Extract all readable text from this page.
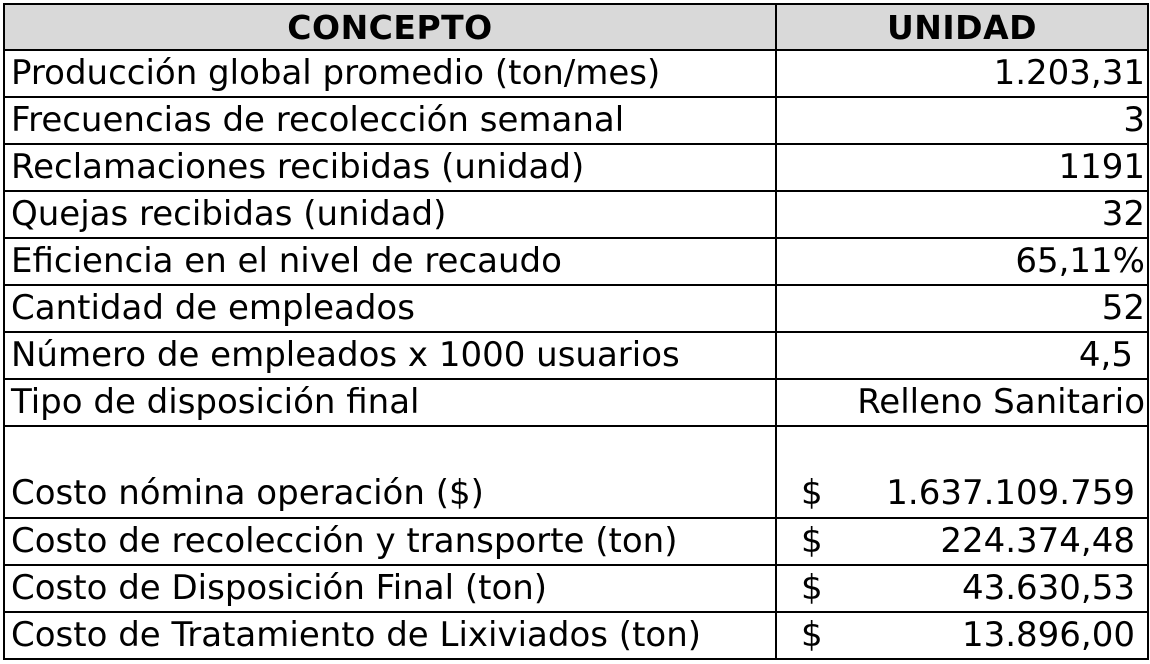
CONCEPTO	UNIDAD
Producción global promedio (ton/mes)	1.203,31
Frecuencias de recolección semanal	3
Reclamaciones recibidas (unidad)	1191
Quejas recibidas (unidad)	32
Eficiencia en el nivel de recaudo	65,11%
Cantidad de empleados	52
Número de empleados x 1000 usuarios	4,5
Tipo de disposición final	Relleno Sanitario
Costo nómina operación ($)	$ 1.637.109.759

Costo de recolección y transporte (ton)	$ 224.374,48

Costo de Disposición Final (ton)	$ 43.630,53

Costo de Tratamiento de Lixiviados (ton)	$ 13.896,00
